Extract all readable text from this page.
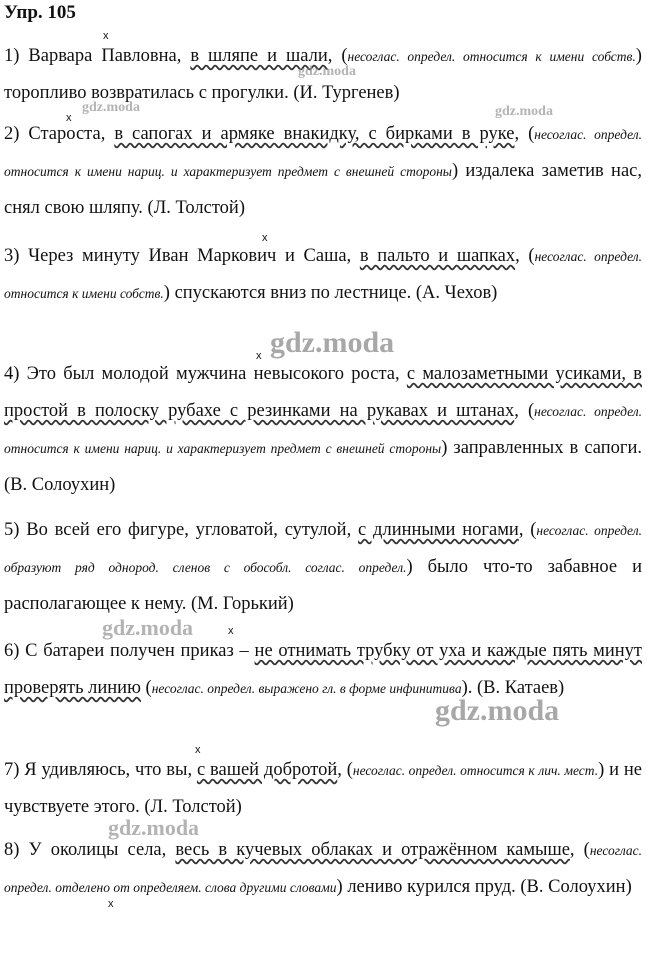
Упр. 105
1) Варвара Павловна, в шляпе и шали, (несоглас. определ. относится к имени собств.) торопливо возвратилась с прогулки. (И. Тургенев)
2) Староста, в сапогах и армяке внакидку, с бирками в руке, (несоглас. определ. относится к имени нариц. и характеризует предмет с внешней стороны) издалека заметив нас, снял свою шляпу. (Л. Толстой)
3) Через минуту Иван Маркович и Саша, в пальто и шапках, (несоглас. определ. относится к имени собств.) спускаются вниз по лестнице. (А. Чехов)
4) Это был молодой мужчина невысокого роста, с малозаметными усиками, в простой в полоску рубахе с резинками на рукавах и штанах, (несоглас. определ. относится к имени нариц. и характеризует предмет с внешней стороны) заправленных в сапоги. (В. Солоухин)
5) Во всей его фигуре, угловатой, сутулой, с длинными ногами, (несоглас. определ. образуют ряд однород. сленов с обособл. соглас. определ.) было что-то забавное и располагающее к нему. (М. Горький)
6) С батареи получен приказ – не отнимать трубку от уха и каждые пять минут проверять линию (несоглас. определ. выражено гл. в форме инфинитива). (В. Катаев)
7) Я удивляюсь, что вы, с вашей добротой, (несоглас. определ. относится к лич. мест.) и не чувствуете этого. (Л. Толстой)
8) У околицы села, весь в кучевых облаках и отражённом камыше, (несоглас. определ. отделено от определяем. слова другими словами) лениво курился пруд. (В. Солоухин)
x
x
x
x
x
x
x
gdz.moda
gdz.moda	gdz.moda
gdz.moda
gdz.moda
gdz.moda
gdz.moda
